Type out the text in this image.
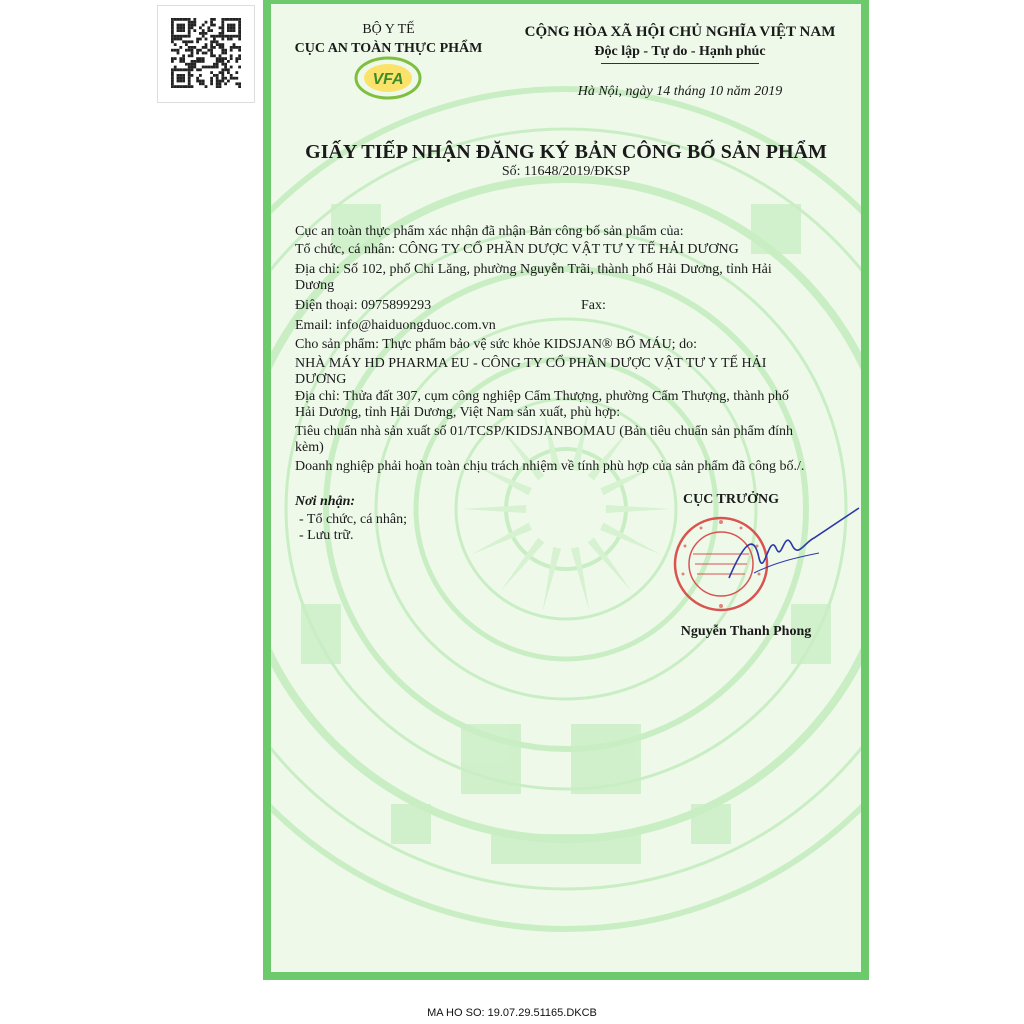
BỘ Y TẾ
CỤC AN TOÀN THỰC PHẨM
VFA
CỘNG HÒA XÃ HỘI CHỦ NGHĨA VIỆT NAM
Độc lập - Tự do - Hạnh phúc
Hà Nội, ngày 14 tháng 10 năm 2019
GIẤY TIẾP NHẬN ĐĂNG KÝ BẢN CÔNG BỐ SẢN PHẨM
Số: 11648/2019/ĐKSP
Cục an toàn thực phẩm xác nhận đã nhận Bản công bố sản phẩm của:
Tổ chức, cá nhân: CÔNG TY CỔ PHẦN DƯỢC VẬT TƯ Y TẾ HẢI DƯƠNG
Địa chỉ: Số 102, phố Chi Lăng, phường Nguyễn Trãi, thành phố Hải Dương, tỉnh Hải
Dương
Điện thoại: 0975899293	Fax:
Email: info@haiduongduoc.com.vn
Cho sản phẩm: Thực phẩm bảo vệ sức khỏe KIDSJAN® BỔ MÁU; do:
NHÀ MÁY HD PHARMA EU - CÔNG TY CỔ PHẦN DƯỢC VẬT TƯ Y TẾ HẢI
DƯƠNG
Địa chỉ: Thửa đất 307, cụm công nghiệp Cẩm Thượng, phường Cẩm Thượng, thành phố
Hải Dương, tỉnh Hải Dương, Việt Nam sản xuất, phù hợp:
Tiêu chuẩn nhà sản xuất số 01/TCSP/KIDSJANBOMAU (Bản tiêu chuẩn sản phẩm đính
kèm)
Doanh nghiệp phải hoàn toàn chịu trách nhiệm về tính phù hợp của sản phẩm đã công bố./.
Nơi nhận:
- Tổ chức, cá nhân;
- Lưu trữ.
CỤC TRƯỞNG
Nguyễn Thanh Phong
MA HO SO: 19.07.29.51165.DKCB
